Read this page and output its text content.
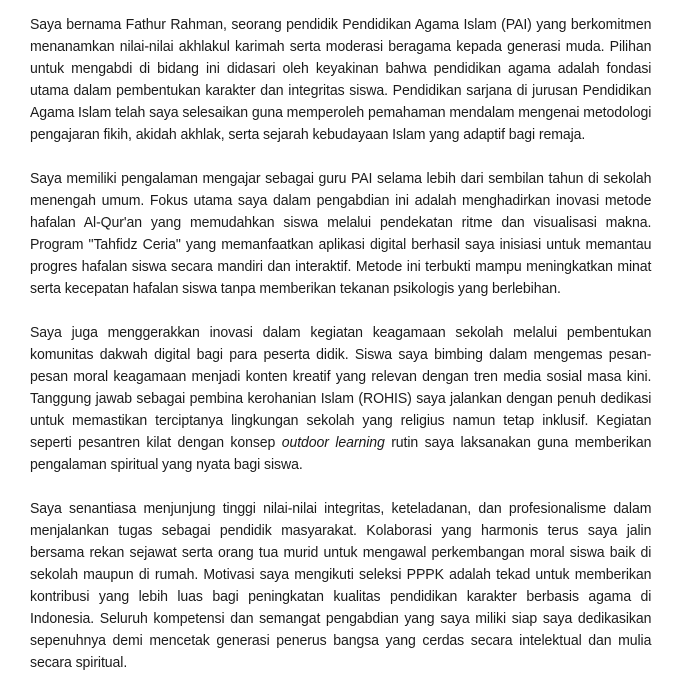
Saya bernama Fathur Rahman, seorang pendidik Pendidikan Agama Islam (PAI) yang berkomitmen menanamkan nilai-nilai akhlakul karimah serta moderasi beragama kepada generasi muda. Pilihan untuk mengabdi di bidang ini didasari oleh keyakinan bahwa pendidikan agama adalah fondasi utama dalam pembentukan karakter dan integritas siswa. Pendidikan sarjana di jurusan Pendidikan Agama Islam telah saya selesaikan guna memperoleh pemahaman mendalam mengenai metodologi pengajaran fikih, akidah akhlak, serta sejarah kebudayaan Islam yang adaptif bagi remaja.

Saya memiliki pengalaman mengajar sebagai guru PAI selama lebih dari sembilan tahun di sekolah menengah umum. Fokus utama saya dalam pengabdian ini adalah menghadirkan inovasi metode hafalan Al-Qur'an yang memudahkan siswa melalui pendekatan ritme dan visualisasi makna. Program "Tahfidz Ceria" yang memanfaatkan aplikasi digital berhasil saya inisiasi untuk memantau progres hafalan siswa secara mandiri dan interaktif. Metode ini terbukti mampu meningkatkan minat serta kecepatan hafalan siswa tanpa memberikan tekanan psikologis yang berlebihan.

Saya juga menggerakkan inovasi dalam kegiatan keagamaan sekolah melalui pembentukan komunitas dakwah digital bagi para peserta didik. Siswa saya bimbing dalam mengemas pesan-pesan moral keagamaan menjadi konten kreatif yang relevan dengan tren media sosial masa kini. Tanggung jawab sebagai pembina kerohanian Islam (ROHIS) saya jalankan dengan penuh dedikasi untuk memastikan terciptanya lingkungan sekolah yang religius namun tetap inklusif. Kegiatan seperti pesantren kilat dengan konsep outdoor learning rutin saya laksanakan guna memberikan pengalaman spiritual yang nyata bagi siswa.

Saya senantiasa menjunjung tinggi nilai-nilai integritas, keteladanan, dan profesionalisme dalam menjalankan tugas sebagai pendidik masyarakat. Kolaborasi yang harmonis terus saya jalin bersama rekan sejawat serta orang tua murid untuk mengawal perkembangan moral siswa baik di sekolah maupun di rumah. Motivasi saya mengikuti seleksi PPPK adalah tekad untuk memberikan kontribusi yang lebih luas bagi peningkatan kualitas pendidikan karakter berbasis agama di Indonesia. Seluruh kompetensi dan semangat pengabdian yang saya miliki siap saya dedikasikan sepenuhnya demi mencetak generasi penerus bangsa yang cerdas secara intelektual dan mulia secara spiritual.
